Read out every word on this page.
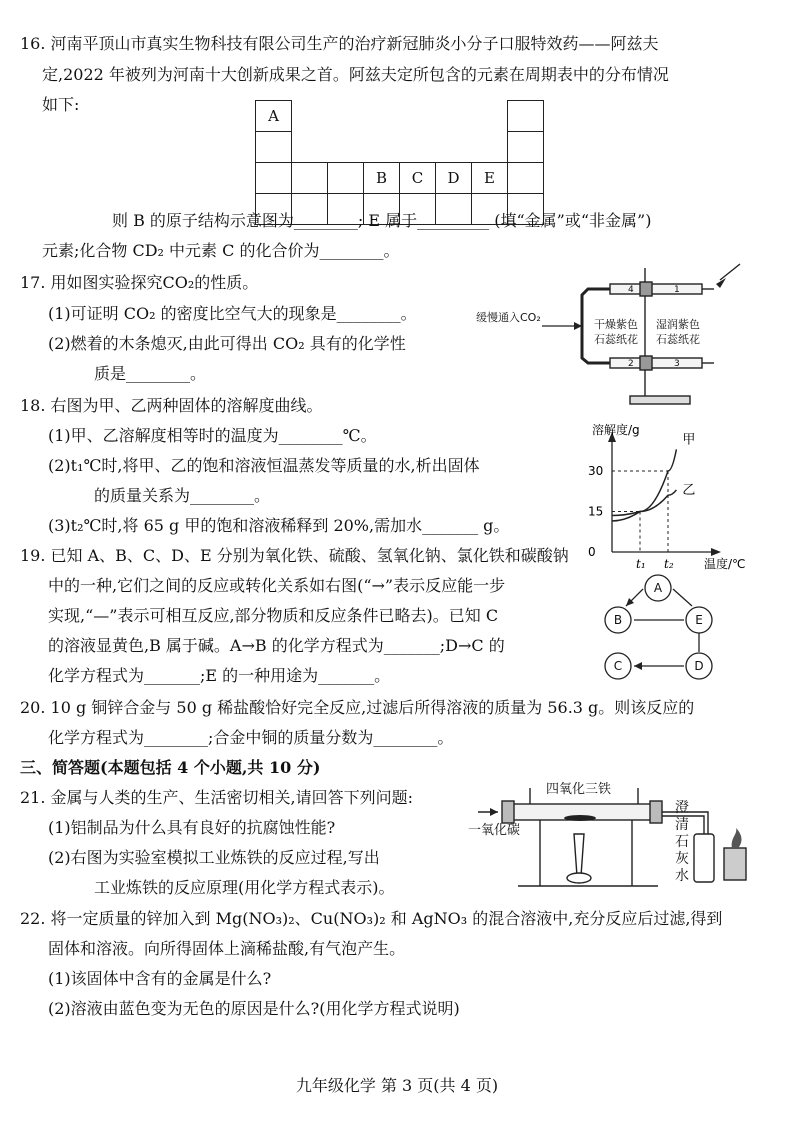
16. 河南平顶山市真实生物科技有限公司生产的治疗新冠肺炎小分子口服特效药——阿兹夫
定,2022 年被列为河南十大创新成果之首。阿兹夫定所包含的元素在周期表中的分布情况
如下:
A							

			B	C	D	E	

则 B 的原子结构示意图为________; E 属于_________ (填“金属”或“非金属”)
元素;化合物 CD₂ 中元素 C 的化合价为________。
17. 用如图实验探究CO₂的性质。
(1)可证明 CO₂ 的密度比空气大的现象是________。
(2)燃着的木条熄灭,由此可得出 CO₂ 具有的化学性
质是________。
缓慢通入CO₂
干燥紫色
石蕊纸花
湿润紫色
石蕊纸花
1
2	3
4
18. 右图为甲、乙两种固体的溶解度曲线。
(1)甲、乙溶解度相等时的温度为________℃。
(2)t₁℃时,将甲、乙的饱和溶液恒温蒸发等质量的水,析出固体
的质量关系为________。
(3)t₂℃时,将 65 g 甲的饱和溶液稀释到 20%,需加水_______ g。
0
15
30
t₁ t₂
甲
乙
溶解度/g
温度/℃
19. 已知 A、B、C、D、E 分别为氧化铁、硫酸、氢氧化钠、氯化铁和碳酸钠
中的一种,它们之间的反应或转化关系如右图(“→”表示反应能一步
实现,“—”表示可相互反应,部分物质和反应条件已略去)。已知 C
的溶液显黄色,B 属于碱。A→B 的化学方程式为_______;D→C 的
化学方程式为_______;E 的一种用途为_______。
A
B	E
C	D
20. 10 g 铜锌合金与 50 g 稀盐酸恰好完全反应,过滤后所得溶液的质量为 56.3 g。则该反应的
化学方程式为________;合金中铜的质量分数为________。
三、简答题(本题包括 4 个小题,共 10 分)
21. 金属与人类的生产、生活密切相关,请回答下列问题:
(1)铝制品为什么具有良好的抗腐蚀性能?
(2)右图为实验室模拟工业炼铁的反应过程,写出
工业炼铁的反应原理(用化学方程式表示)。
四氧化三铁
一氧化碳
澄清石灰水
22. 将一定质量的锌加入到 Mg(NO₃)₂、Cu(NO₃)₂ 和 AgNO₃ 的混合溶液中,充分反应后过滤,得到
固体和溶液。向所得固体上滴稀盐酸,有气泡产生。
(1)该固体中含有的金属是什么?
(2)溶液由蓝色变为无色的原因是什么?(用化学方程式说明)
九年级化学 第 3 页(共 4 页)
